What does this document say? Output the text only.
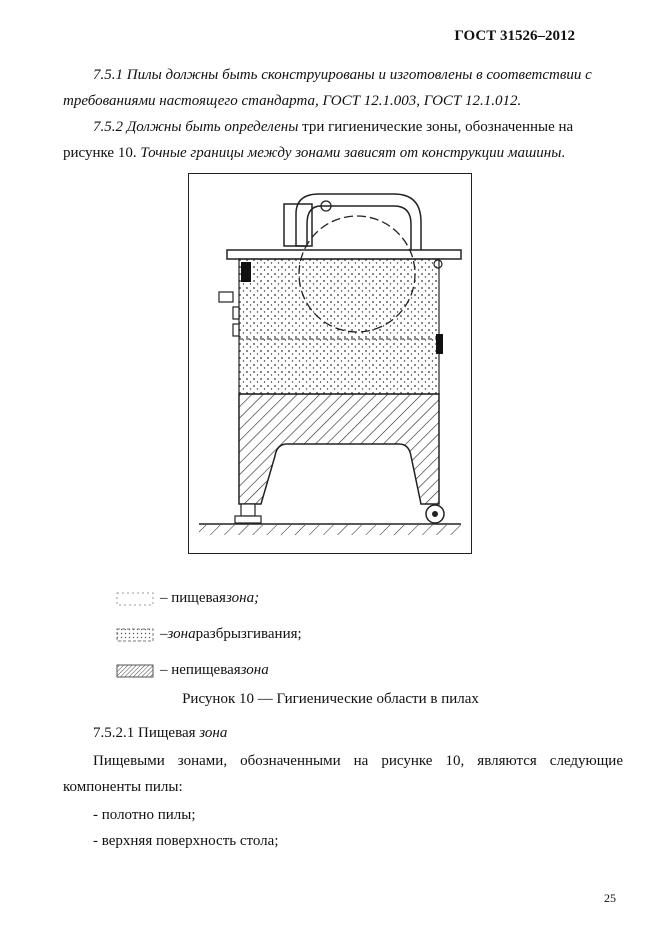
ГОСТ 31526–2012
7.5.1 Пилы должны быть сконструированы и изготовлены в соответствии с требованиями настоящего стандарта, ГОСТ 12.1.003, ГОСТ 12.1.012.
7.5.2 Должны быть определены три гигиенические зоны, обозначенные на рисунке 10. Точные границы между зонами зависят от конструкции машины.
– пищевая зона;
– зона разбрызгивания;
– непищевая зона
Рисунок 10 — Гигиенические области в пилах
7.5.2.1 Пищевая зона
Пищевыми зонами, обозначенными на рисунке 10, являются следующие компоненты пилы:
- полотно пилы;
- верхняя поверхность стола;
25
